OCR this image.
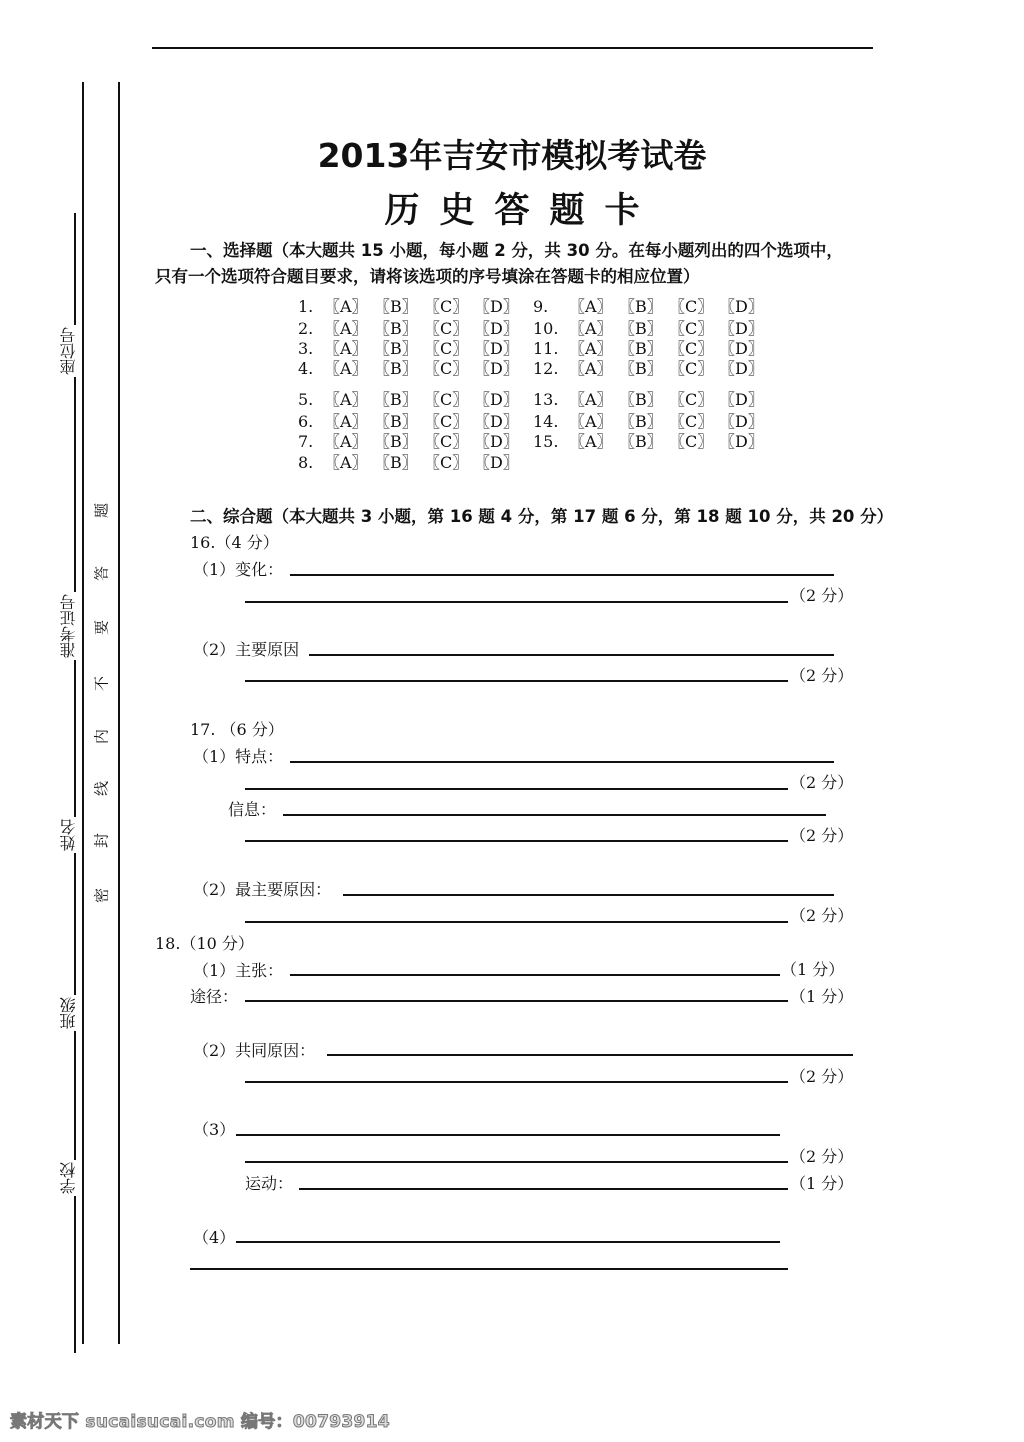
座位号
准考证号
姓名
班级
学校
密
封
线
内
不
要
答
题
2013年吉安市模拟考试卷
历史答题卡
一、选择题（本大题共 15 小题，每小题 2 分，共 30 分。在每小题列出的四个选项中，
只有一个选项符合题目要求，请将该选项的序号填涂在答题卡的相应位置）
1. 〖A〗 〖B〗 〖C〗 〖D〗
2. 〖A〗 〖B〗 〖C〗 〖D〗
3. 〖A〗 〖B〗 〖C〗 〖D〗
4. 〖A〗 〖B〗 〖C〗 〖D〗
5. 〖A〗 〖B〗 〖C〗 〖D〗
6. 〖A〗 〖B〗 〖C〗 〖D〗
7. 〖A〗 〖B〗 〖C〗 〖D〗
8. 〖A〗 〖B〗 〖C〗 〖D〗
9. 〖A〗 〖B〗 〖C〗 〖D〗
10. 〖A〗 〖B〗 〖C〗 〖D〗
11. 〖A〗 〖B〗 〖C〗 〖D〗
12. 〖A〗 〖B〗 〖C〗 〖D〗
13. 〖A〗 〖B〗 〖C〗 〖D〗
14. 〖A〗 〖B〗 〖C〗 〖D〗
15. 〖A〗 〖B〗 〖C〗 〖D〗
二、综合题（本大题共 3 小题，第 16 题 4 分，第 17 题 6 分，第 18 题 10 分，共 20 分）
16.（4 分）
（1）变化：
（2 分）
（2）主要原因
（2 分）
17. （6 分）
（1）特点：
（2 分）
信息：
（2 分）
（2）最主要原因：
（2 分）
18.（10 分）
（1）主张：	（1 分）
途径：	（1 分）
（2）共同原因：
（2 分）
（3）
（2 分）
运动：	（1 分）
（4）
素材天下 sucaisucai.com 编号：00793914
